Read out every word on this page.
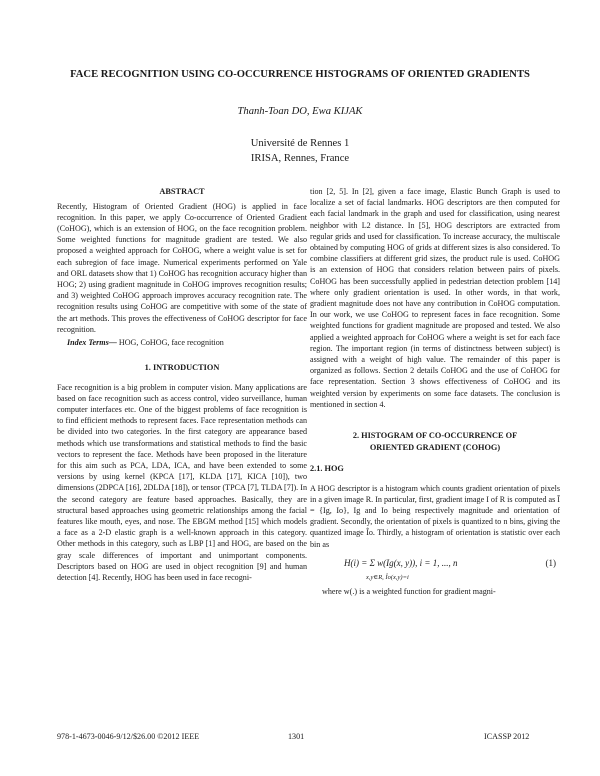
FACE RECOGNITION USING CO-OCCURRENCE HISTOGRAMS OF ORIENTED GRADIENTS
Thanh-Toan DO, Ewa KIJAK
Université de Rennes 1
IRISA, Rennes, France

ABSTRACT

Recently, Histogram of Oriented Gradient (HOG) is applied in face recognition. In this paper, we apply Co-occurrence of Oriented Gradient (CoHOG), which is an extension of HOG, on the face recognition problem. Some weighted functions for magnitude gradient are tested. We also proposed a weighted approach for CoHOG, where a weight value is set for each subregion of face image. Numerical experiments performed on Yale and ORL datasets show that 1) CoHOG has recognition accuracy higher than HOG; 2) using gradient magnitude in CoHOG improves recognition results; and 3) weighted CoHOG approach improves accuracy recognition rate. The recognition results using CoHOG are competitive with some of the state of the art methods. This proves the effectiveness of CoHOG descriptor for face recognition.

Index Terms— HOG, CoHOG, face recognition

1. INTRODUCTION

Face recognition is a big problem in computer vision. Many applications are based on face recognition such as access control, video surveillance, human computer interfaces etc. One of the biggest problems of face recognition is to find efficient methods to represent faces. Face representation methods can be divided into two categories. In the first category are appearance based methods which use transformations and statistical methods to find the basic vectors to represent the face. Methods have been proposed in the literature for this aim such as PCA, LDA, ICA, and have been extended to some versions by using kernel (KPCA [17], KLDA [17], KICA [10]), two dimensions (2DPCA [16], 2DLDA [18]), or tensor (TPCA [7], TLDA [7]). In the second category are feature based approaches. Basically, they are structural based approaches using geometric relationships among the facial features like mouth, eyes, and nose. The EBGM method [15] which models a face as a 2-D elastic graph is a well-known approach in this category. Other methods in this category, such as LBP [1] and HOG, are based on the gray scale differences of important and unimportant components. Descriptors based on HOG are used in object recognition [9] and human detection [4]. Recently, HOG has been used in face recogni-

tion [2, 5]. In [2], given a face image, Elastic Bunch Graph is used to localize a set of facial landmarks. HOG descriptors are then computed for each facial landmark in the graph and used for classification, using nearest neighbor with L2 distance. In [5], HOG descriptors are extracted from regular grids and used for classification. To increase accuracy, the multiscale obtained by computing HOG of grids at different sizes is also considered. To combine classifiers at different grid sizes, the product rule is used. CoHOG is an extension of HOG that considers relation between pairs of pixels. CoHOG has been successfully applied in pedestrian detection problem [14] where only gradient orientation is used. In other words, in that work, gradient magnitude does not have any contribution in CoHOG computation. In our work, we use CoHOG to represent faces in face recognition. Some weighted functions for gradient magnitude are proposed and tested. We also applied a weighted approach for CoHOG where a weight is set for each face region. The important region (in terms of distinctness between subject) is assigned with a weight of high value. The remainder of this paper is organized as follows. Section 2 details CoHOG and the use of CoHOG for face representation. Section 3 shows effectiveness of CoHOG and its weighted version by experiments on some face datasets. The conclusion is mentioned in section 4.

2. HISTOGRAM OF CO-OCCURRENCE OF

ORIENTED GRADIENT (COHOG)

2.1. HOG

A HOG descriptor is a histogram which counts gradient orientation of pixels in a given image R. In particular, first, gradient image I of R is computed as Ī = {Ig, Io}, Ig and Io being respectively magnitude and orientation of gradient. Secondly, the orientation of pixels is quantized to n bins, giving the quantized image Îo. Thirdly, a histogram of orientation is statistic over each bin as

H(i) = Σ w(Ig(x, y)), i = 1, ..., n
x,y∈R, Îo(x,y)=i
(1)

where w(.) is a weighted function for gradient magni-

978-1-4673-0046-9/12/$26.00 ©2012 IEEE	1301	ICASSP 2012
